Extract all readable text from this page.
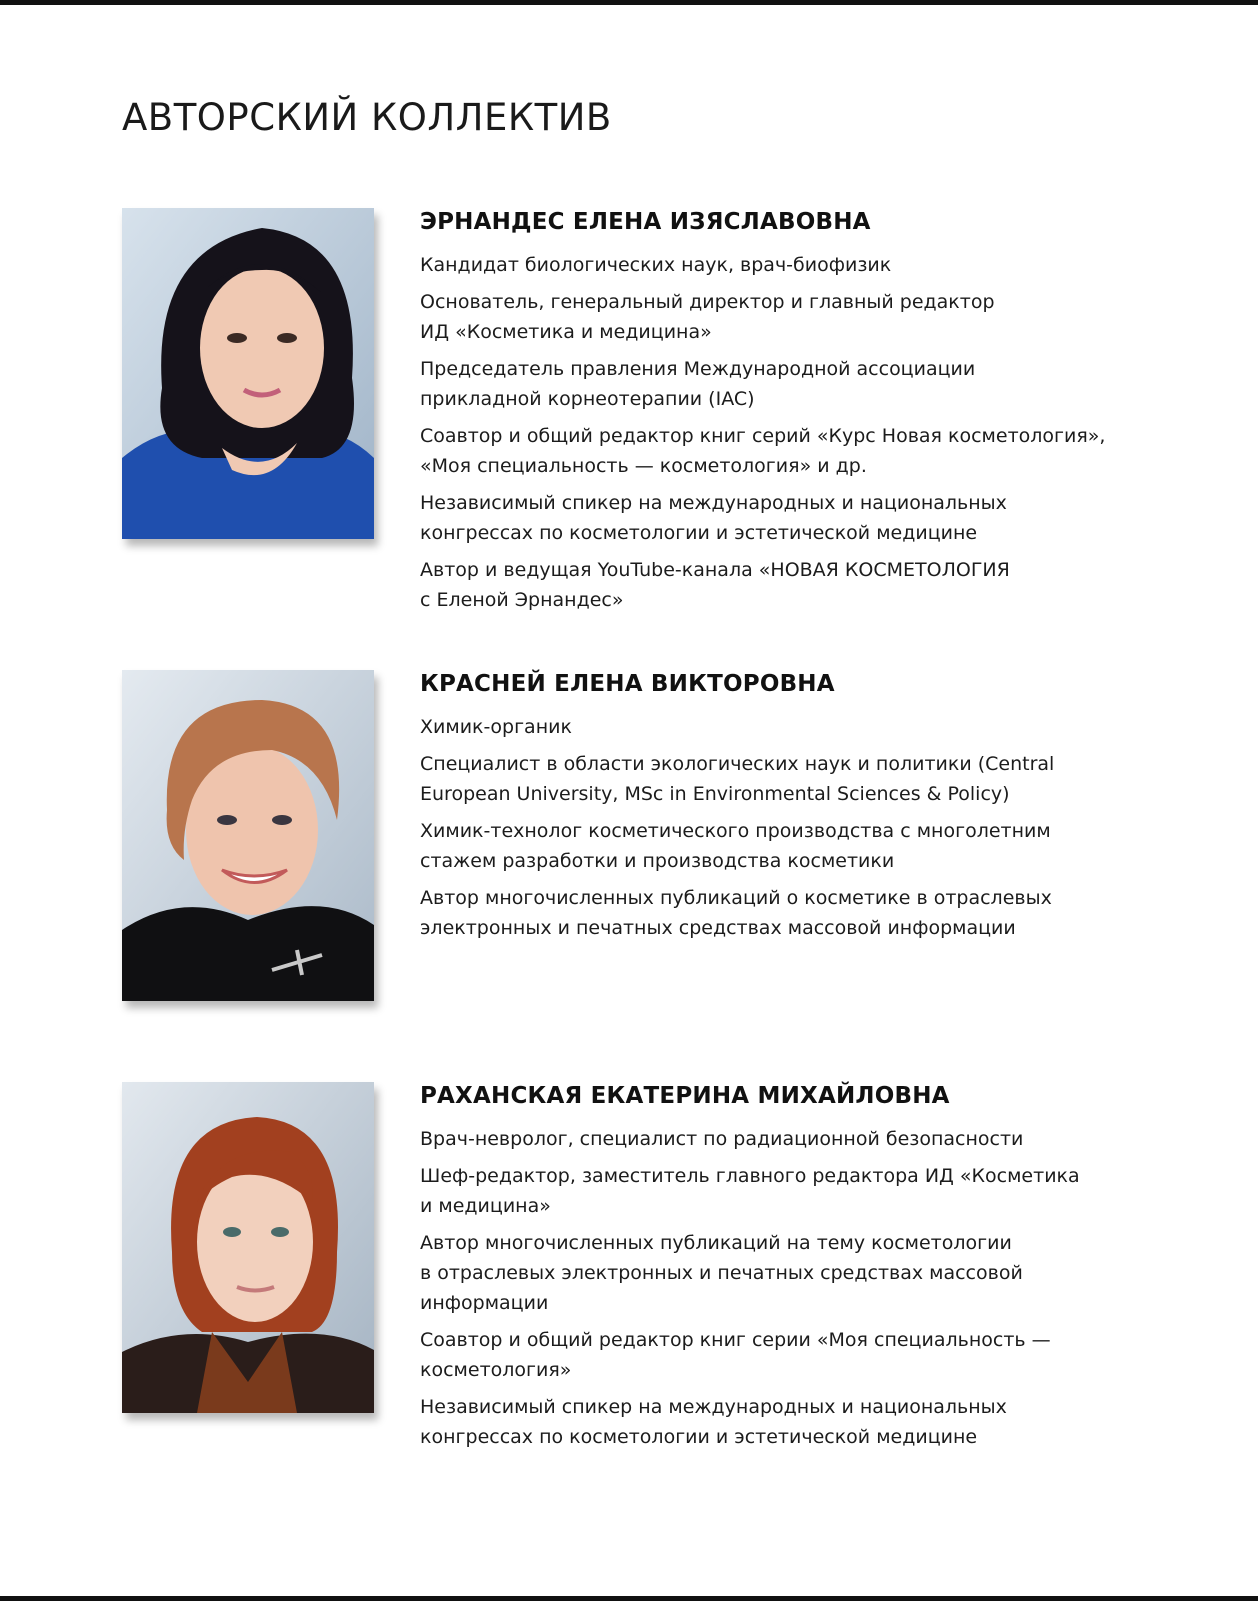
АВТОРСКИЙ КОЛЛЕКТИВ
ЭРНАНДЕС ЕЛЕНА ИЗЯСЛАВОВНА
Кандидат биологических наук, врач-биофизик
Основатель, генеральный директор и главный редактор
ИД «Косметика и медицина»
Председатель правления Международной ассоциации
прикладной корнеотерапии (IAC)
Соавтор и общий редактор книг серий «Курс Новая косметология»,
«Моя специальность — косметология» и др.
Независимый спикер на международных и национальных
конгрессах по косметологии и эстетической медицине
Автор и ведущая YouTube-канала «НОВАЯ КОСМЕТОЛОГИЯ
с Еленой Эрнандес»
КРАСНЕЙ ЕЛЕНА ВИКТОРОВНА
Химик-органик
Специалист в области экологических наук и политики (Central
European University, MSc in Environmental Sciences & Policy)
Химик-технолог косметического производства с многолетним
стажем разработки и производства косметики
Автор многочисленных публикаций о косметике в отраслевых
электронных и печатных средствах массовой информации
РАХАНСКАЯ ЕКАТЕРИНА МИХАЙЛОВНА
Врач-невролог, специалист по радиационной безопасности
Шеф-редактор, заместитель главного редактора ИД «Косметика
и медицина»
Автор многочисленных публикаций на тему косметологии
в отраслевых электронных и печатных средствах массовой
информации
Соавтор и общий редактор книг серии «Моя специальность —
косметология»
Независимый спикер на международных и национальных
конгрессах по косметологии и эстетической медицине
